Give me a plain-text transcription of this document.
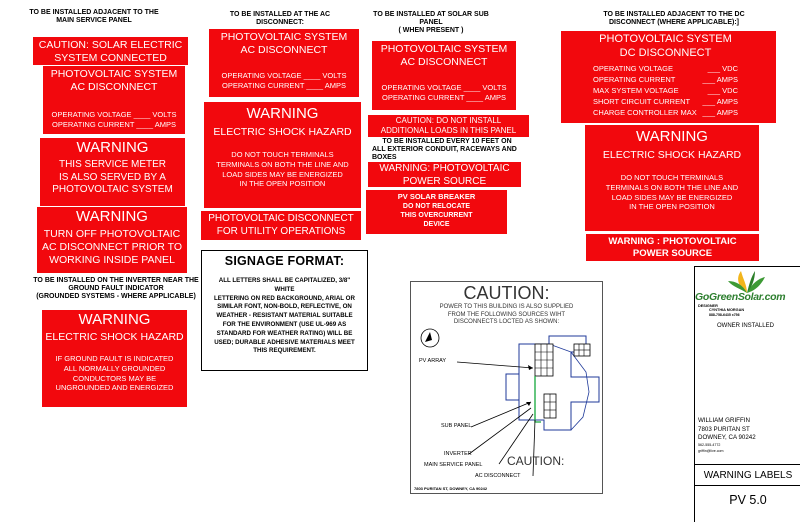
TO BE INSTALLED ADJACENT TO THE
MAIN SERVICE PANEL
CAUTION: SOLAR ELECTRIC
SYSTEM CONNECTED
PHOTOVOLTAIC SYSTEM
AC DISCONNECT
OPERATING VOLTAGE ____ VOLTS
OPERATING CURRENT ____ AMPS
WARNING
THIS SERVICE METER
IS ALSO SERVED BY A
PHOTOVOLTAIC SYSTEM
WARNING
TURN OFF PHOTOVOLTAIC
AC DISCONNECT PRIOR TO
WORKING INSIDE PANEL
TO BE INSTALLED ON THE INVERTER NEAR THE
GROUND FAULT INDICATOR
(GROUNDED SYSTEMS - WHERE APPLICABLE)
WARNING
ELECTRIC SHOCK HAZARD
IF GROUND FAULT IS INDICATED
ALL NORMALLY GROUNDED
CONDUCTORS MAY BE
UNGROUNDED AND ENERGIZED
TO BE INSTALLED AT THE AC
DISCONNECT:
PHOTOVOLTAIC SYSTEM
AC DISCONNECT
OPERATING VOLTAGE ____ VOLTS
OPERATING CURRENT ____ AMPS
WARNING
ELECTRIC SHOCK HAZARD
DO NOT TOUCH TERMINALS
TERMINALS ON BOTH THE LINE AND
LOAD SIDES MAY BE ENERGIZED
IN THE OPEN POSITION
PHOTOVOLTAIC DISCONNECT
FOR UTILITY OPERATIONS
TO BE INSTALLED AT SOLAR SUB
PANEL
( WHEN PRESENT )
PHOTOVOLTAIC SYSTEM
AC DISCONNECT
OPERATING VOLTAGE ____ VOLTS
OPERATING CURRENT ____ AMPS
CAUTION: DO NOT INSTALL
ADDITIONAL LOADS IN THIS PANEL
TO BE INSTALLED EVERY 10 FEET ON
ALL EXTERIOR CONDUIT, RACEWAYS AND
BOXES
WARNING: PHOTOVOLTAIC
POWER SOURCE
PV SOLAR BREAKER
DO NOT RELOCATE
THIS OVERCURRENT
DEVICE
TO BE INSTALLED ADJACENT TO THE DC
DISCONNECT (WHERE APPLICABLE):]
PHOTOVOLTAIC SYSTEM
DC DISCONNECT
OPERATING VOLTAGE	___ VDC
OPERATING CURRENT	___ AMPS
MAX SYSTEM VOLTAGE	___ VDC
SHORT CIRCUIT CURRENT ___ AMPS
CHARGE CONTROLLER MAX ___ AMPS
WARNING
ELECTRIC SHOCK HAZARD
DO NOT TOUCH TERMINALS
TERMINALS ON BOTH THE LINE AND
LOAD SIDES MAY BE ENERGIZED
IN THE OPEN POSITION
WARNING : PHOTOVOLTAIC
POWER SOURCE
SIGNAGE FORMAT:
ALL LETTERS SHALL BE CAPITALIZED, 3/8"
WHITE
LETTERING ON RED BACKGROUND, ARIAL OR
SIMILAR FONT, NON-BOLD, REFLECTIVE, ON
WEATHER - RESISTANT MATERIAL SUITABLE
FOR THE ENVIRONMENT (USE UL-969 AS
STANDARD FOR WEATHER RATING) WILL BE
USED; DURABLE ADHESIVE MATERIALS MEET
THIS REQUIREMENT.
CAUTION:
POWER TO THIS BUILDING IS ALSO SUPPLIED
FROM THE FOLLOWING SOURCES WIHT
DISCONNECTS LOCTED AS SHOWN:
PV ARRAY
SUB PANEL
INVERTER
MAIN SERVICE PANEL
AC DISCONNECT
CAUTION:
7803 PURITAN ST, DOWNEY, CA 90242
GoGreenSolar.com
DESIGNER
CYNTHIA MORGAN
888-758-6435 x756
OWNER INSTALLED
WILLIAM GRIFFIN
7803 PURITAN ST
DOWNEY, CA 90242
562-555-4772
griffin@live.com
WARNING LABELS
PV 5.0
